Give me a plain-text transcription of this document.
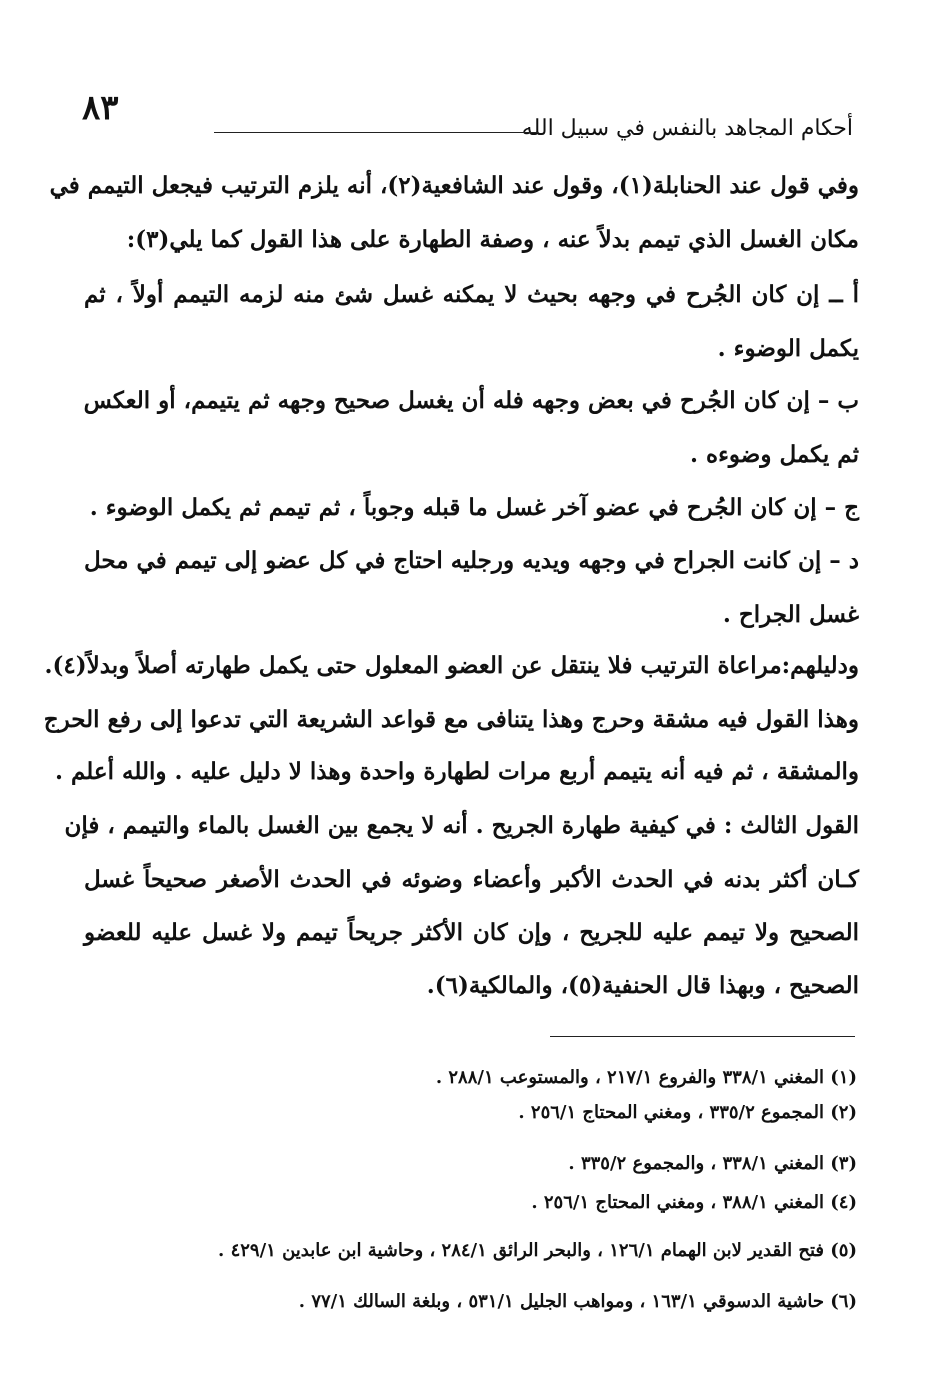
٨٣
أحكام المجاهد بالنفس في سبيل الله
وفي قول عند الحنابلة(١)، وقول عند الشافعية(٢)، أنه يلزم الترتيب فيجعل التيمم في
مكان الغسل الذي تيمم بدلاً عنه ، وصفة الطهارة على هذا القول كما يلي(٣):
أ ــ إن كان الجُرح في وجهه بحيث لا يمكنه غسل شئ منه لزمه التيمم أولاً ، ثم
يكمل الوضوء .
ب – إن كان الجُرح في بعض وجهه فله أن يغسل صحيح وجهه ثم يتيمم، أو العكس
ثم يكمل وضوءه .
ج – إن كان الجُرح في عضو آخر غسل ما قبله وجوباً ، ثم تيمم ثم يكمل الوضوء .
د – إن كانت الجراح في وجهه ويديه ورجليه احتاج في كل عضو إلى تيمم في محل
غسل الجراح .
ودليلهم:مراعاة الترتيب فلا ينتقل عن العضو المعلول حتى يكمل طهارته أصلاً وبدلاً(٤).
وهذا القول فيه مشقة وحرج وهذا يتنافى مع قواعد الشريعة التي تدعوا إلى رفع الحرج
والمشقة ، ثم فيه أنه يتيمم أربع مرات لطهارة واحدة وهذا لا دليل عليه . والله أعلم .
القول الثالث : في كيفية طهارة الجريح . أنه لا يجمع بين الغسل بالماء والتيمم ، فإن
كـان أكثر بدنه في الحدث الأكبر وأعضاء وضوئه في الحدث الأصغر صحيحاً غسل
الصحيح ولا تيمم عليه للجريح ، وإن كان الأكثر جريحاً تيمم ولا غسل عليه للعضو
الصحيح ، وبهذا قال الحنفية(٥)، والمالكية(٦).
(١) المغني ٣٣٨/١ والفروع ٢١٧/١ ، والمستوعب ٢٨٨/١ .
(٢) المجموع ٣٣٥/٢ ، ومغني المحتاج ٢٥٦/١ .
(٣) المغني ٣٣٨/١ ، والمجموع ٣٣٥/٢ .
(٤) المغني ٣٨٨/١ ، ومغني المحتاج ٢٥٦/١ .
(٥) فتح القدير لابن الهمام ١٢٦/١ ، والبحر الرائق ٢٨٤/١ ، وحاشية ابن عابدين ٤٢٩/١ .
(٦) حاشية الدسوقي ١٦٣/١ ، ومواهب الجليل ٥٣١/١ ، وبلغة السالك ٧٧/١ .
